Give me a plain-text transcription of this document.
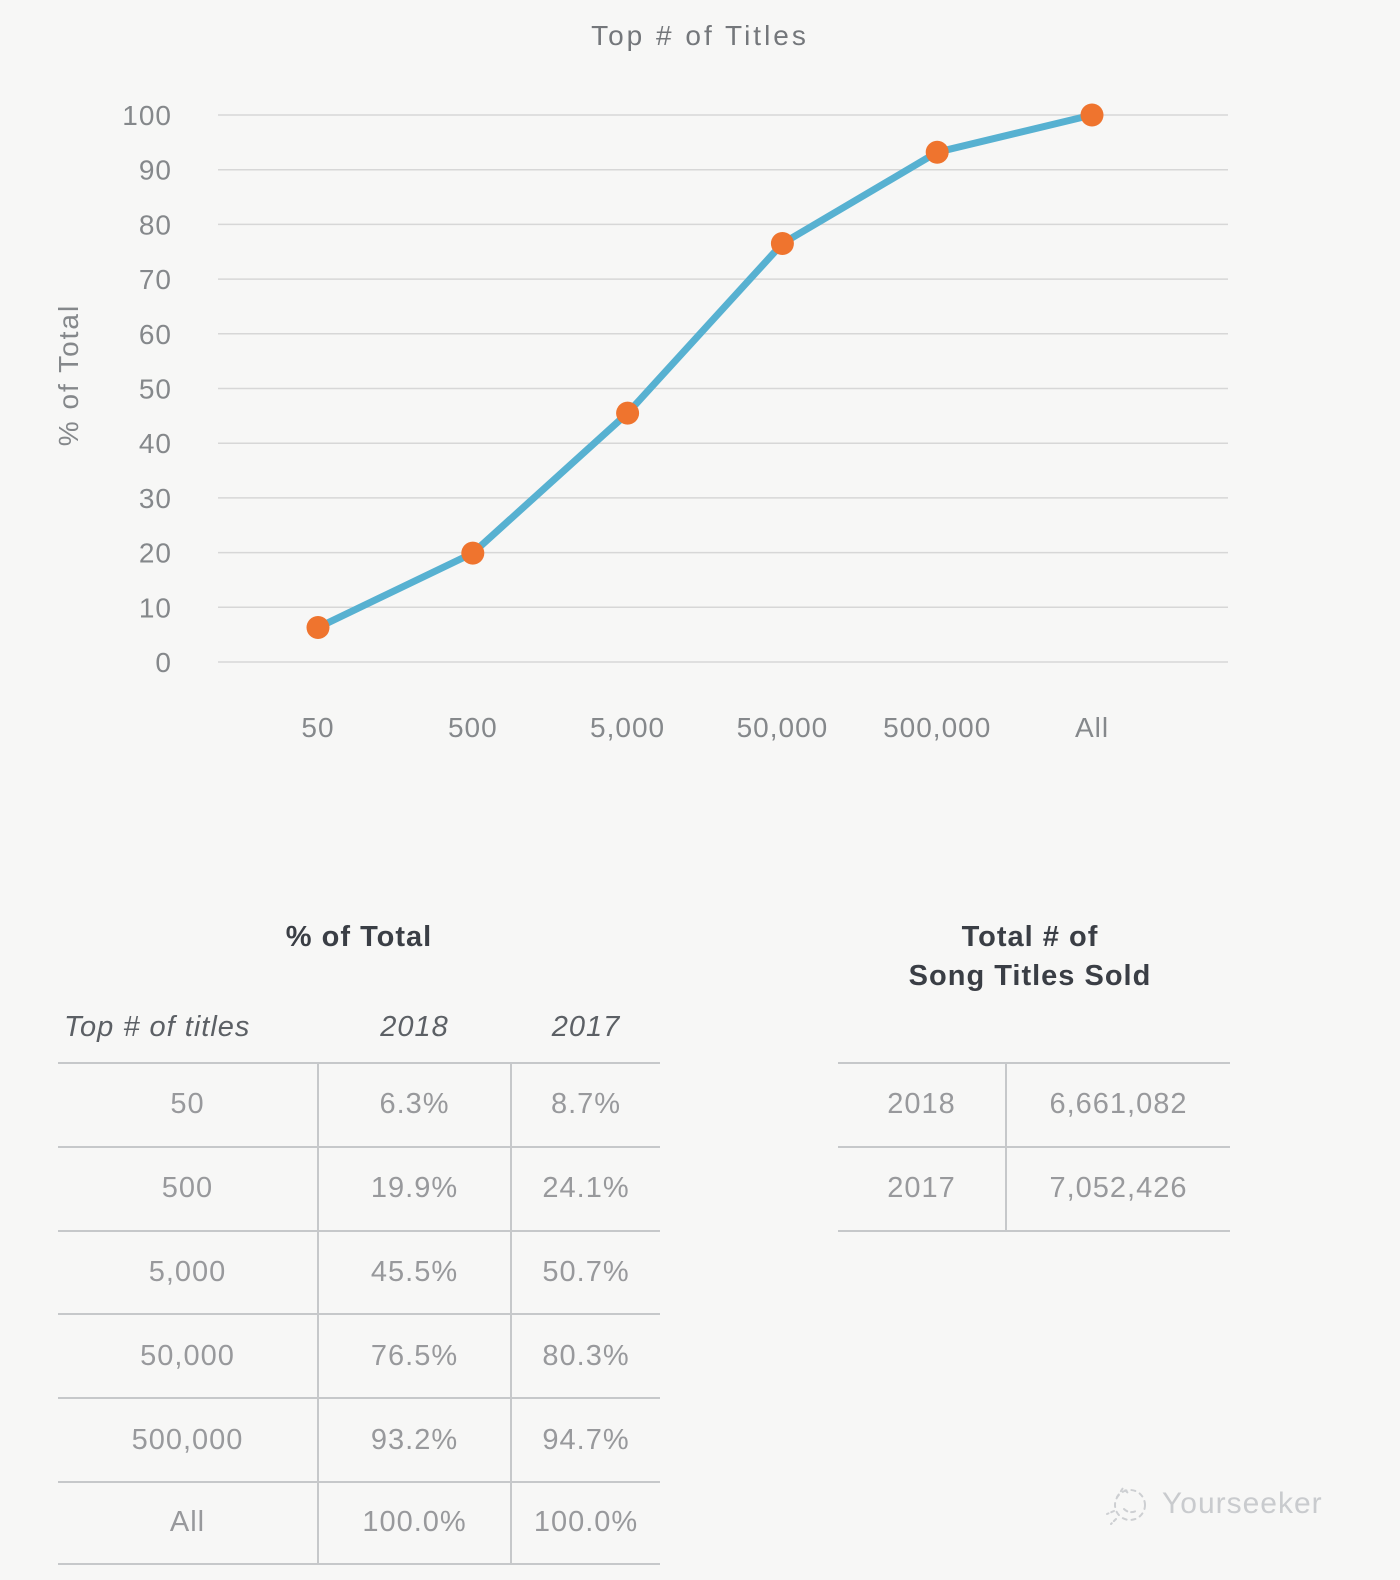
Top # of Titles
0
10
20
30
40
50
60
70
80
90
100
% of Total
50	500	5,000	50,000 500,000	All
% of Total
Top # of titles	2018	2017
50	6.3%	8.7%
500	19.9%	24.1%
5,000	45.5%	50.7%
50,000	76.5%	80.3%
500,000	93.2%	94.7%
All	100.0%	100.0%
Total # of
Song Titles Sold
2018	6,661,082
2017	7,052,426
Yourseeker
